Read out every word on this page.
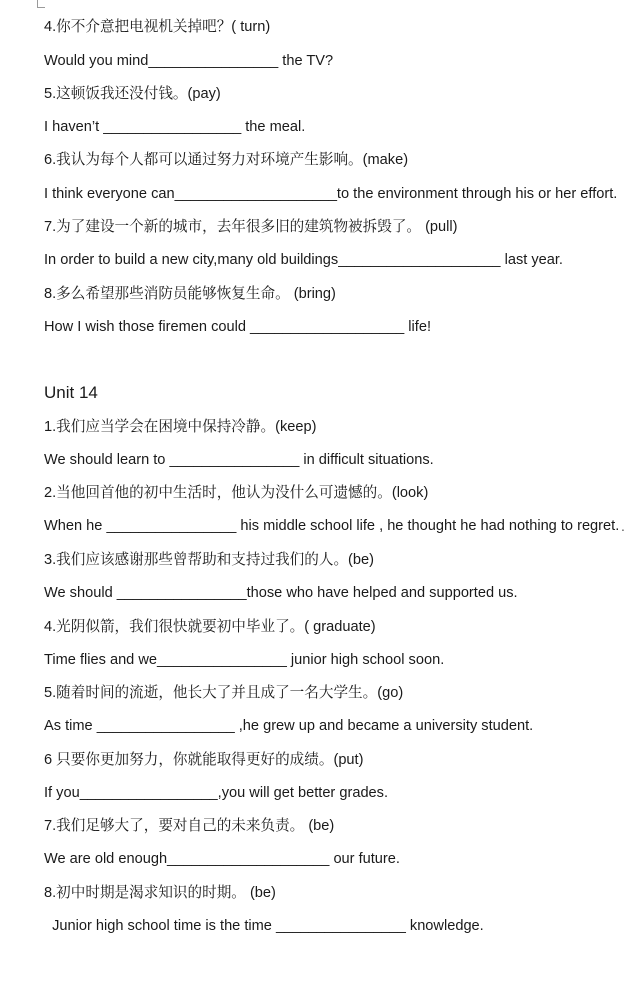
4.你不介意把电视机关掉吧？( turn)
Would you mind________________ the TV?
5.这顿饭我还没付钱。(pay)
I haven’t _________________ the meal.
6.我认为每个人都可以通过努力对环境产生影响。(make)
I think everyone can____________________to the environment through his or her effort.
7.为了建设一个新的城市，去年很多旧的建筑物被拆毁了。 (pull)
In order to build a new city,many old buildings____________________ last year.
8.多么希望那些消防员能够恢复生命。 (bring)
How I wish those firemen could ___________________ life!
Unit 14
1.我们应当学会在困境中保持冷静。(keep)
We should learn to ________________ in difficult situations.
2.当他回首他的初中生活时，他认为没什么可遗憾的。(look)
When he ________________ his middle school life , he thought he had nothing to regret. .
3.我们应该感谢那些曾帮助和支持过我们的人。(be)
We should ________________those who have helped and supported us.
4.光阴似箭，我们很快就要初中毕业了。( graduate)
Time flies and we________________ junior high school soon.
5.随着时间的流逝，他长大了并且成了一名大学生。(go)
As time _________________ ,he grew up and became a university student.
6 只要你更加努力，你就能取得更好的成绩。(put)
If you_________________,you will get better grades.
7.我们足够大了，要对自己的未来负责。 (be)
We are old enough____________________ our future.
8.初中时期是渴求知识的时期。 (be)
Junior high school time is the time ________________ knowledge.
